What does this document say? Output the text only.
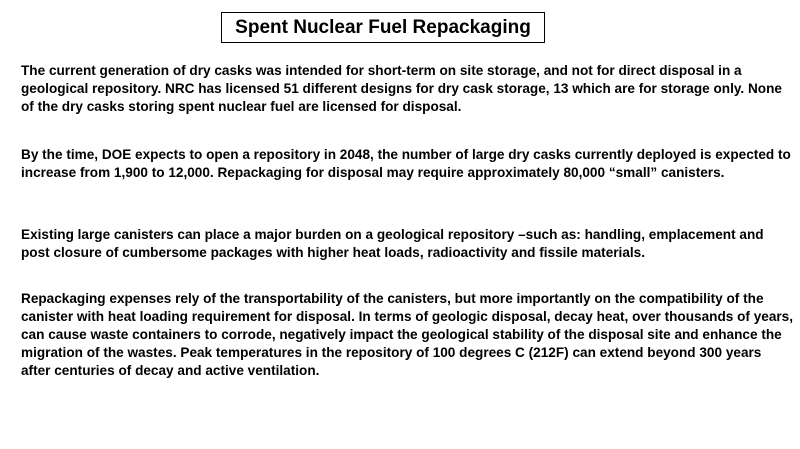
Spent Nuclear Fuel Repackaging

The current generation of dry casks was intended for short-term on site storage, and not for direct disposal in a geological repository. NRC has licensed 51 different designs for dry cask storage, 13 which are for storage only. None of the dry casks storing spent nuclear fuel are licensed for disposal.

By the time, DOE expects to open a repository in 2048, the number of large dry casks currently deployed is expected to increase from 1,900 to 12,000. Repackaging for disposal may require approximately 80,000 “small” canisters.

Existing large canisters can place a major burden on a geological repository –such as: handling, emplacement and post closure of cumbersome packages with higher heat loads, radioactivity and fissile materials.

Repackaging expenses rely of the transportability of the canisters, but more importantly on the compatibility of the canister with heat loading requirement for disposal. In terms of geologic disposal, decay heat, over thousands of years, can cause waste containers to corrode, negatively impact the geological stability of the disposal site and enhance the migration of the wastes. Peak temperatures in the repository of 100 degrees C (212F) can extend beyond 300 years after centuries of decay and active ventilation.
